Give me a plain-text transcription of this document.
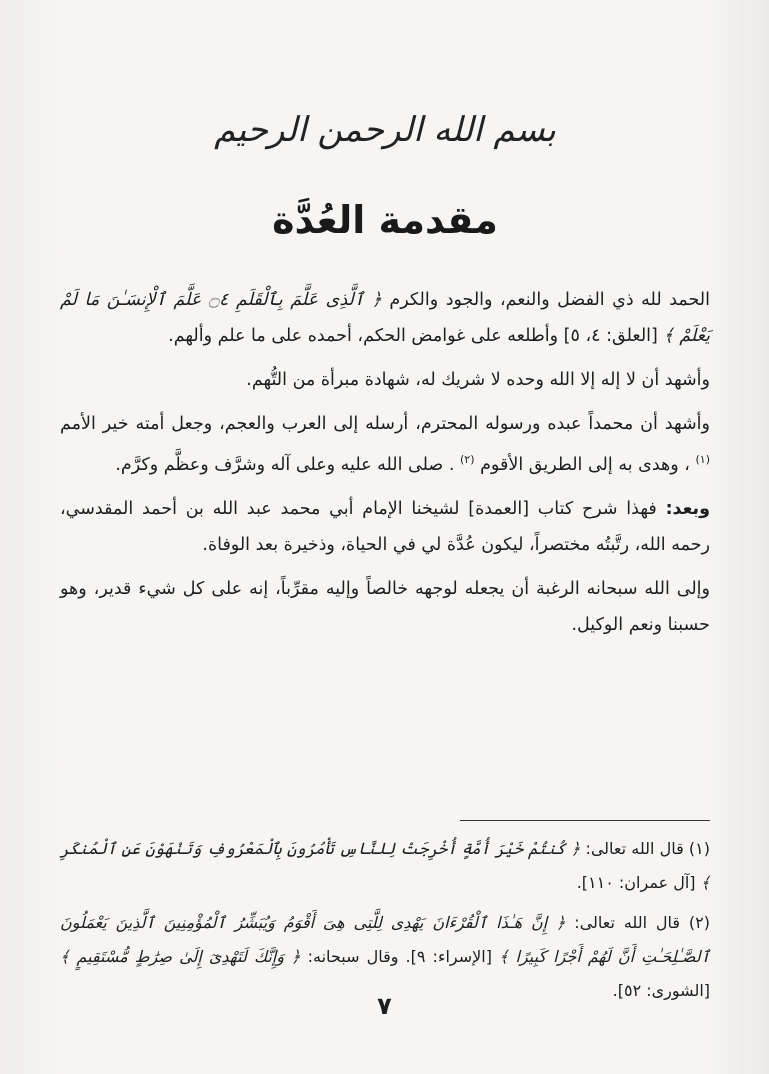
بسم الله الرحمن الرحيم
مقدمة العُدَّة

الحمد لله ذي الفضل والنعم، والجود والكرم ﴿ ٱلَّذِى عَلَّمَ بِٱلْقَلَمِ ۝٤ عَلَّمَ ٱلْإِنسَـٰنَ مَا لَمْ يَعْلَمْ ﴾ [العلق: ٤، ٥] وأطلعه على غوامض الحكم، أحمده على ما علم وألهم.

وأشهد أن لا إله إلا الله وحده لا شريك له، شهادة مبرأة من التُّهم.

وأشهد أن محمداً عبده ورسوله المحترم، أرسله إلى العرب والعجم، وجعل أمته خير الأمم $^{(١)}$ ، وهدى به إلى الطريق الأقوم $^{(٢)}$ . صلى الله عليه وعلى آله وشرَّف وعظَّم وكرَّم.

وبعد: فهذا شرح كتاب [العمدة] لشيخنا الإمام أبي محمد عبد الله بن أحمد المقدسي، رحمه الله، رتَّبتُه مختصراً، ليكون عُدَّة لي في الحياة، وذخيرة بعد الوفاة.

وإلى الله سبحانه الرغبة أن يجعله لوجهه خالصاً وإليه مقرِّباً، إنه على كل شيء قدير، وهو حسبنا ونعم الوكيل.

(١) قال الله تعالى: ﴿ كُنتُمْ خَيْرَ أُمَّةٍ أُخْرِجَتْ لِلنَّاسِ تَأْمُرُونَ بِٱلْمَعْرُوفِ وَتَنْهَوْنَ عَنِ ٱلْمُنكَرِ ﴾ [آل عمران: ١١٠].

(٢) قال الله تعالى: ﴿ إِنَّ هَـٰذَا ٱلْقُرْءَانَ يَهْدِى لِلَّتِى هِىَ أَقْوَمُ وَيُبَشِّرُ ٱلْمُؤْمِنِينَ ٱلَّذِينَ يَعْمَلُونَ ٱلصَّـٰلِحَـٰتِ أَنَّ لَهُمْ أَجْرًا كَبِيرًا ﴾ [الإسراء: ٩]. وقال سبحانه: ﴿ وَإِنَّكَ لَتَهْدِىٓ إِلَىٰ صِرَٰطٍ مُّسْتَقِيمٍ ﴾ [الشورى: ٥٢].

٧
